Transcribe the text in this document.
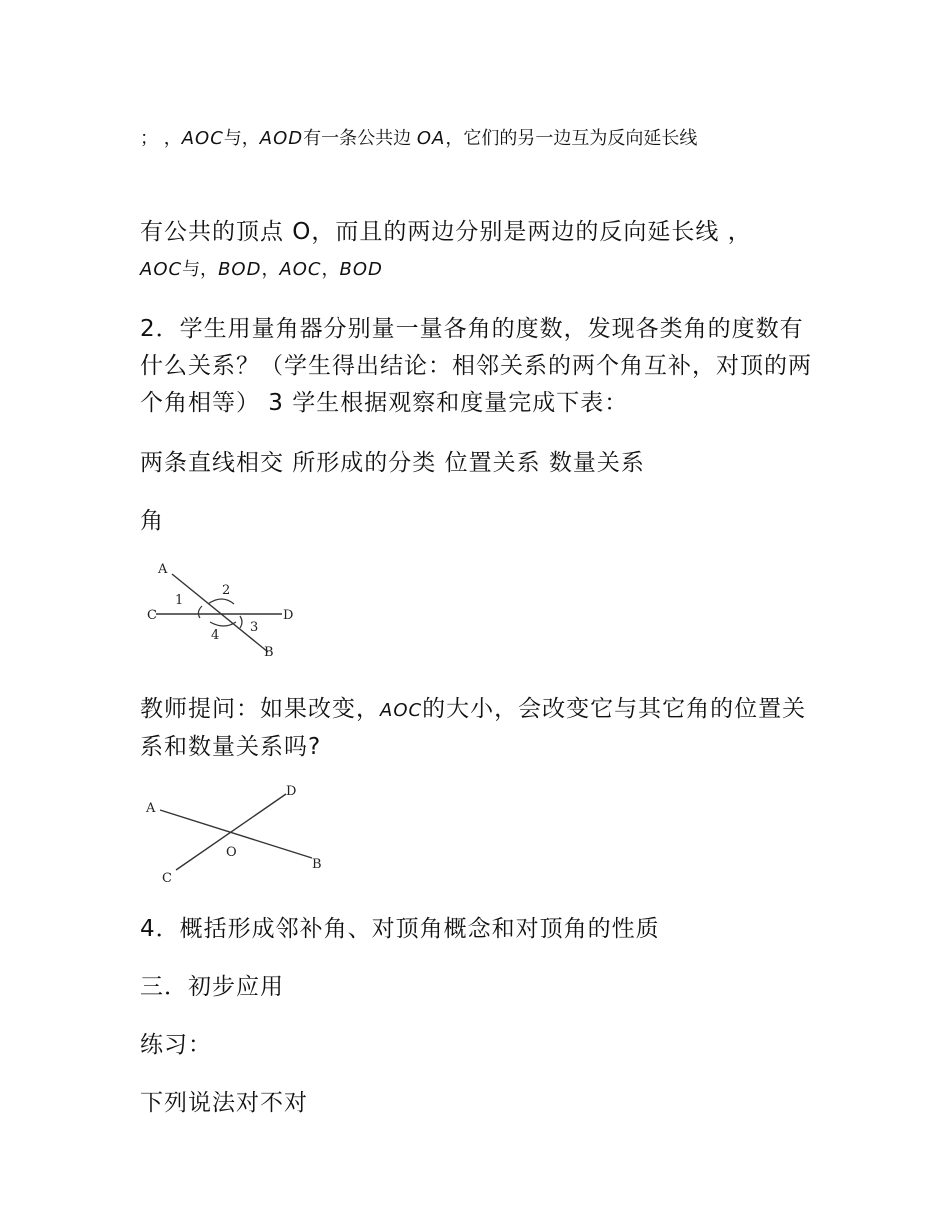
； ，AOC与，AOD有一条公共边 OA，它们的另一边互为反向延长线

有公共的顶点 O，而且的两边分别是两边的反向延长线 ，
AOC与，BOD，AOC，BOD

2．学生用量角器分别量一量各角的度数，发现各类角的度数有什么关系？（学生得出结论：相邻关系的两个角互补，对顶的两个角相等） 3 学生根据观察和度量完成下表：

两条直线相交 所形成的分类 位置关系 数量关系

角

A
C	D
B
1
2
3
4
教师提问：如果改变，AOC的大小，会改变它与其它角的位置关系和数量关系吗?
A
B
C
D
O

4．概括形成邻补角、对顶角概念和对顶角的性质

三．初步应用

练习：

下列说法对不对
